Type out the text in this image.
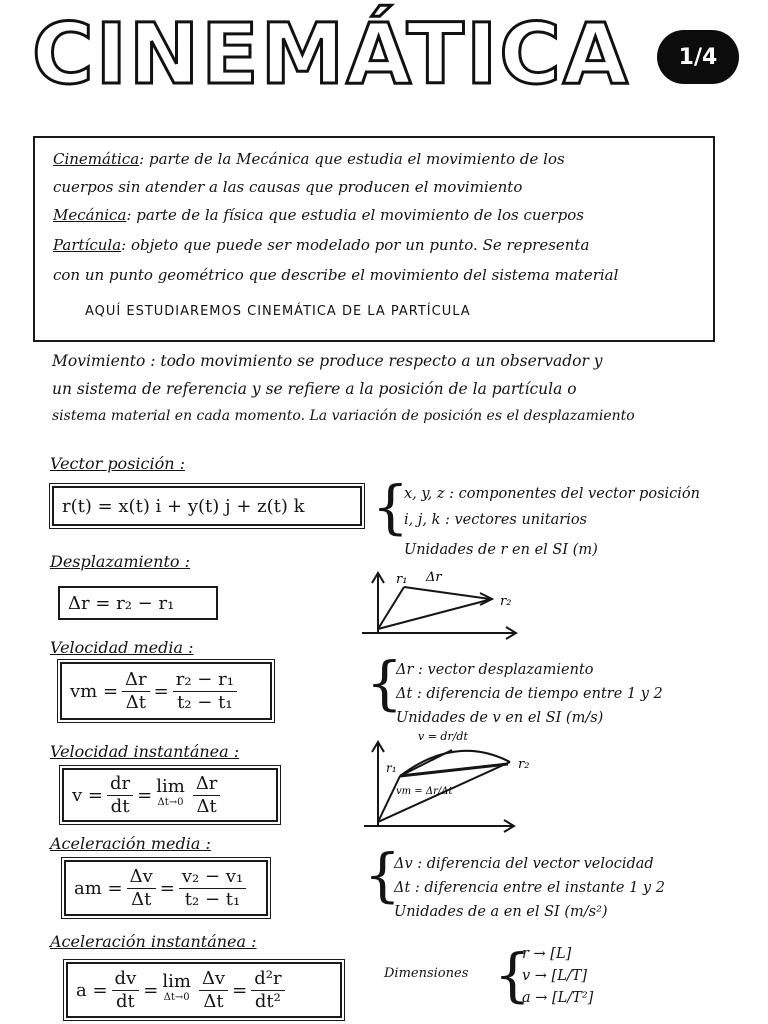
CINEMÁTICA	1/4
Cinemática: parte de la Mecánica que estudia el movimiento de los
cuerpos sin atender a las causas que producen el movimiento
Mecánica: parte de la física que estudia el movimiento de los cuerpos
Partícula: objeto que puede ser modelado por un punto. Se representa
con un punto geométrico que describe el movimiento del sistema material
AQUÍ ESTUDIAREMOS CINEMÁTICA DE LA PARTÍCULA
Movimiento : todo movimiento se produce respecto a un observador y
un sistema de referencia y se refiere a la posición de la partícula o
sistema material en cada momento. La variación de posición es el desplazamiento
Vector posición :
r(t) = x(t) i + y(t) j + z(t) k	{
x, y, z : componentes del vector posición
i, j, k : vectores unitarios
Unidades de r en el SI (m)
Desplazamiento :
Δr = r₂ − r₁
r₁ Δr
r₂
Velocidad media :
vm = $\frac{\Delta r}{\Delta t} = \frac{\text{r₂ − r₁}}{\text{t₂ − t₁}}$ {
Δr : vector desplazamiento
Δt : diferencia de tiempo entre 1 y 2
Unidades de v en el SI (m/s)
Velocidad instantánea :
$v = \frac{dr}{dt} = \lim$
$\Delta t\to 0 \frac{\Delta r}{\Delta t}$
v = dr/dt
r₁
vm = Δr/Δt
r₂
Aceleración media :
am = $\frac{\Delta v}{\Delta t} = \frac{\text{v₂ − v₁}}{\text{t₂ − t₁}}$ {
Δv : diferencia del vector velocidad
Δt : diferencia entre el instante 1 y 2
Unidades de a en el SI (m/s²)
Aceleración instantánea :
$a = \frac{dv}{dt} = \lim$
$\Delta t\to 0 \frac{\Delta v}{\Delta t} = \frac{\text{d²r}}{\text{dt²}}$	Dimensiones {
r → [L]
v → [L/T]
a → [L/T²]
